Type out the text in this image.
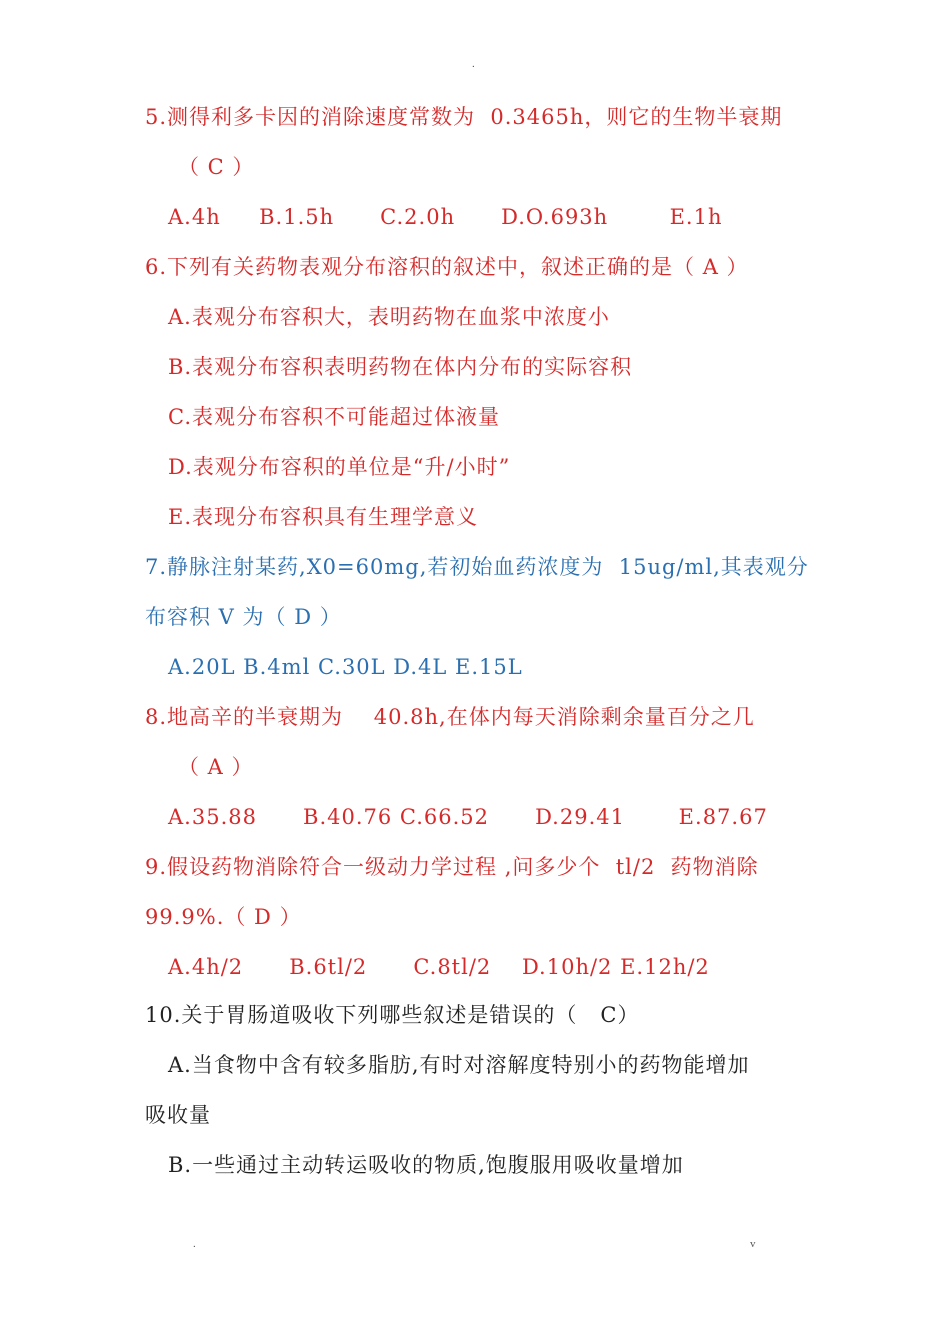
.
5.测得利多卡因的消除速度常数为  0.3465h，则它的生物半衰期
（ C ）
A.4h     B.1.5h      C.2.0h      D.O.693h        E.1h
6.下列有关药物表观分布溶积的叙述中，叙述正确的是（ A ）
A.表观分布容积大，表明药物在血浆中浓度小
B.表观分布容积表明药物在体内分布的实际容积
C.表观分布容积不可能超过体液量
D.表观分布容积的单位是“升/小时”
E.表现分布容积具有生理学意义
7.静脉注射某药,X0=60mg,若初始血药浓度为  15ug/ml,其表观分
布容积 V 为（ D ）
A.20L B.4ml C.30L D.4L E.15L
8.地高辛的半衰期为    40.8h,在体内每天消除剩余量百分之几
（ A ）
A.35.88      B.40.76 C.66.52      D.29.41       E.87.67
9.假设药物消除符合一级动力学过程 ,问多少个  tl/2  药物消除
99.9%.（ D ）
A.4h/2      B.6tl/2      C.8tl/2    D.10h/2 E.12h/2
10.关于胃肠道吸收下列哪些叙述是错误的（   C）
A.当食物中含有较多脂肪,有时对溶解度特别小的药物能增加
吸收量
B.一些通过主动转运吸收的物质,饱腹服用吸收量增加
.	v
